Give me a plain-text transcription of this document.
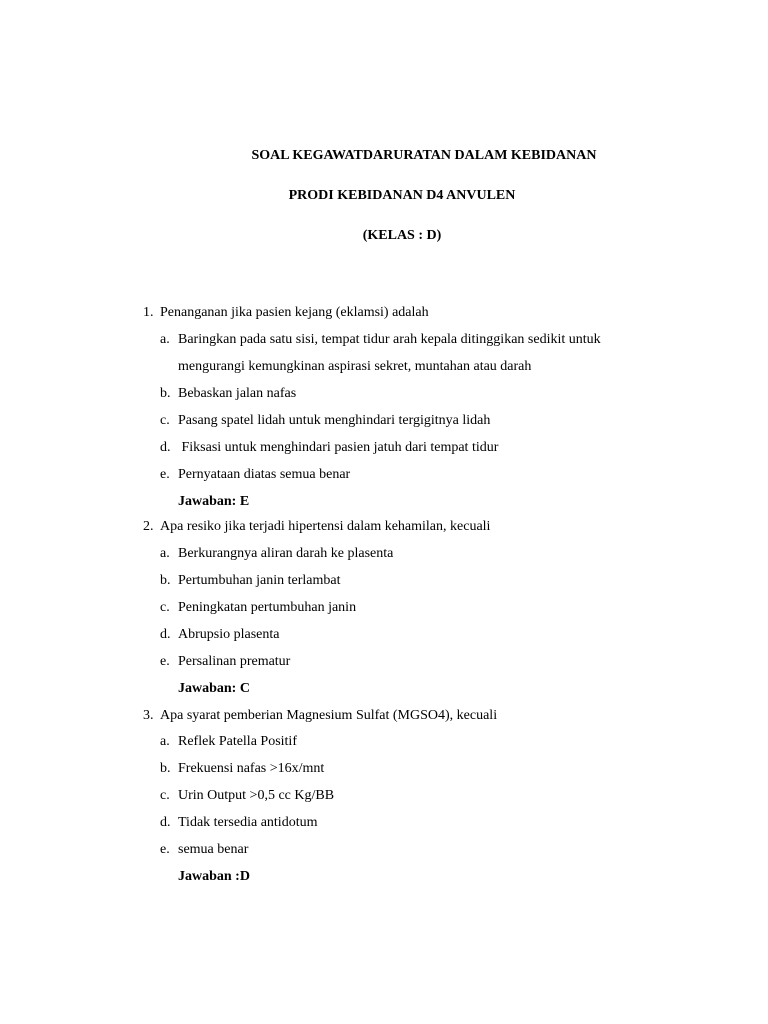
SOAL KEGAWATDARURATAN DALAM KEBIDANAN
PRODI KEBIDANAN D4 ANVULEN
(KELAS : D)
1. Penanganan jika pasien kejang (eklamsi) adalah
a. Baringkan pada satu sisi, tempat tidur arah kepala ditinggikan sedikit untuk
mengurangi kemungkinan aspirasi sekret, muntahan atau darah
b. Bebaskan jalan nafas
c. Pasang spatel lidah untuk menghindari tergigitnya lidah
d. Fiksasi untuk menghindari pasien jatuh dari tempat tidur
e. Pernyataan diatas semua benar
Jawaban: E
2. Apa resiko jika terjadi hipertensi dalam kehamilan, kecuali
a. Berkurangnya aliran darah ke plasenta
b. Pertumbuhan janin terlambat
c. Peningkatan pertumbuhan janin
d. Abrupsio plasenta
e. Persalinan prematur
Jawaban: C
3. Apa syarat pemberian Magnesium Sulfat (MGSO4), kecuali
a. Reflek Patella Positif
b. Frekuensi nafas >16x/mnt
c. Urin Output >0,5 cc Kg/BB
d. Tidak tersedia antidotum
e. semua benar
Jawaban :D
